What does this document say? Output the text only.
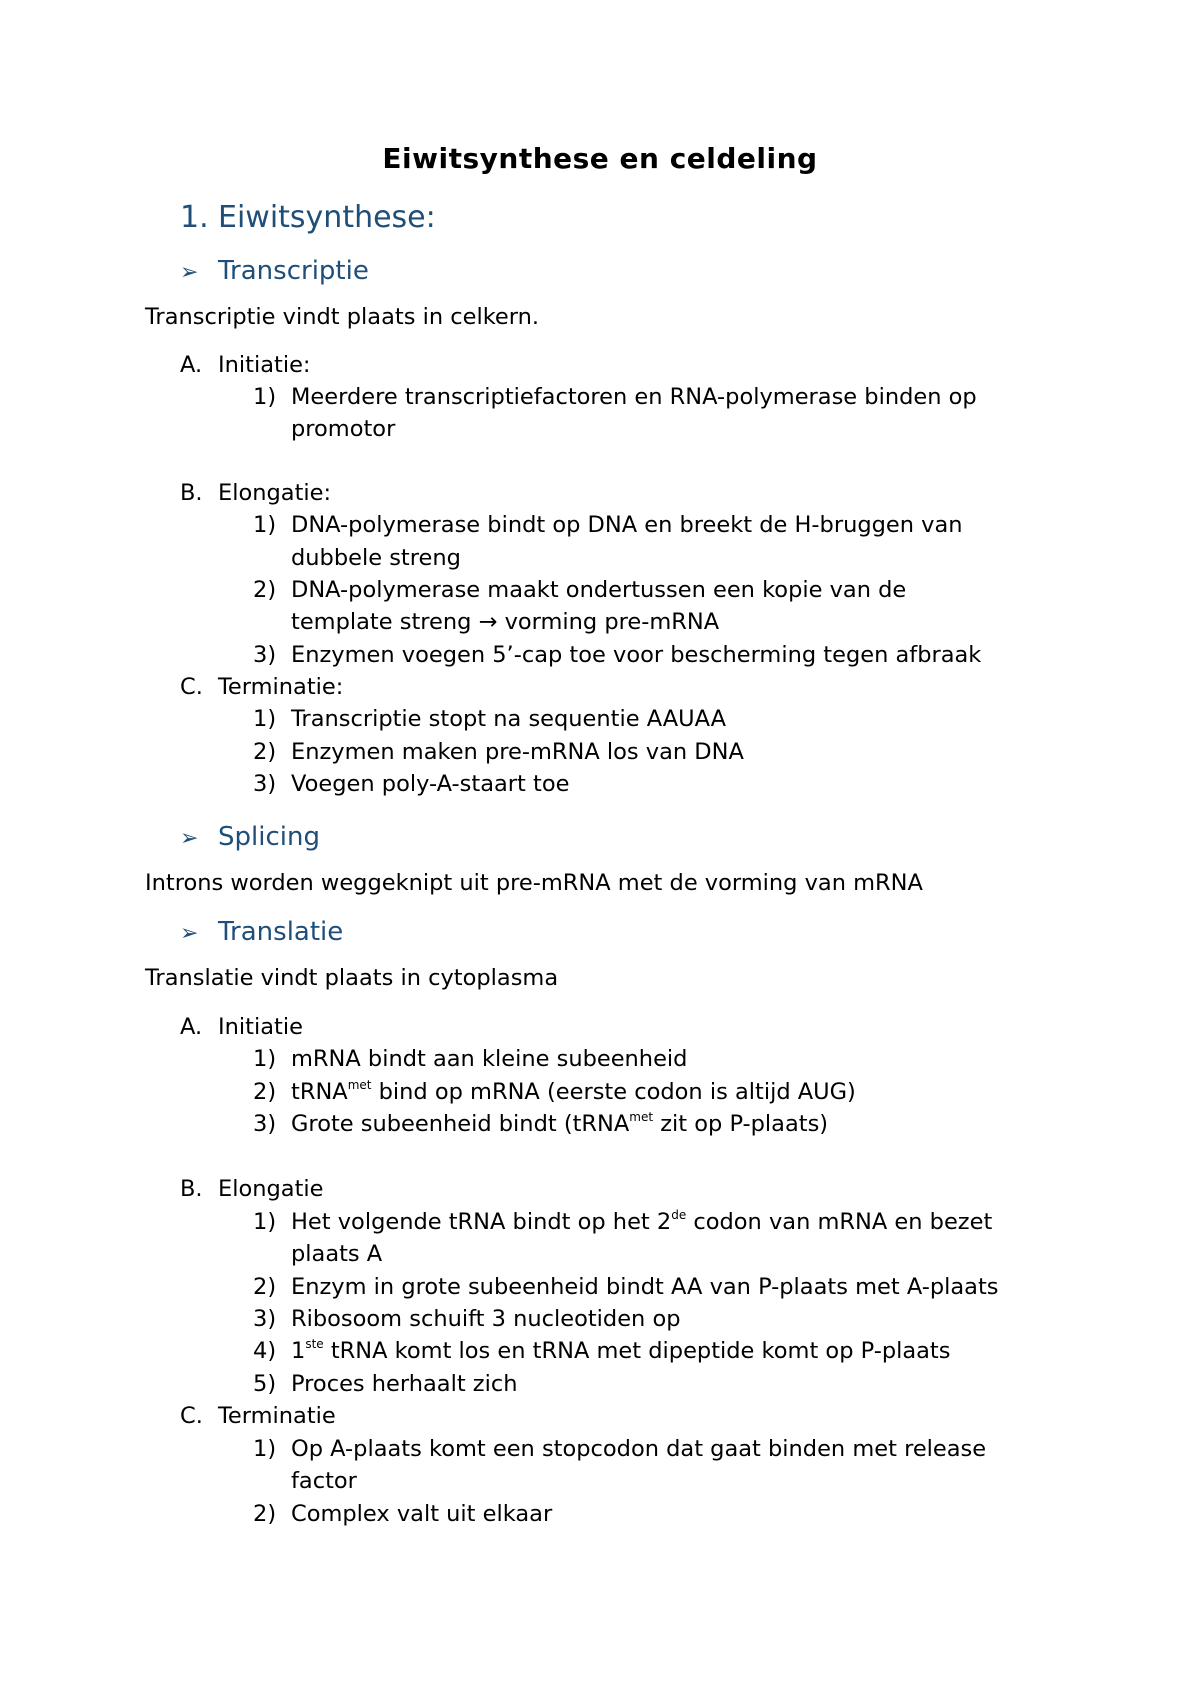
Eiwitsynthese en celdeling
1. Eiwitsynthese:
➢ Transcriptie
Transcriptie vindt plaats in celkern.
A. Initiatie:
1) Meerdere transcriptiefactoren en RNA-polymerase binden op
promotor
B. Elongatie:
1) DNA-polymerase bindt op DNA en breekt de H-bruggen van
dubbele streng
2) DNA-polymerase maakt ondertussen een kopie van de
template streng → vorming pre-mRNA
3) Enzymen voegen 5’-cap toe voor bescherming tegen afbraak
C. Terminatie:
1) Transcriptie stopt na sequentie AAUAA
2) Enzymen maken pre-mRNA los van DNA
3) Voegen poly-A-staart toe
➢ Splicing
Introns worden weggeknipt uit pre-mRNA met de vorming van mRNA
➢ Translatie
Translatie vindt plaats in cytoplasma
A. Initiatie
1) mRNA bindt aan kleine subeenheid
2) tRNA$^{met}$ bind op mRNA (eerste codon is altijd AUG)
3) Grote subeenheid bindt (tRNA$^{met}$ zit op P-plaats)
B. Elongatie
1) Het volgende tRNA bindt op het 2de codon van mRNA en bezet
plaats A
2) Enzym in grote subeenheid bindt AA van P-plaats met A-plaats
3) Ribosoom schuift 3 nucleotiden op
4) 1ste tRNA komt los en tRNA met dipeptide komt op P-plaats
5) Proces herhaalt zich
C. Terminatie
1) Op A-plaats komt een stopcodon dat gaat binden met release
factor
2) Complex valt uit elkaar
